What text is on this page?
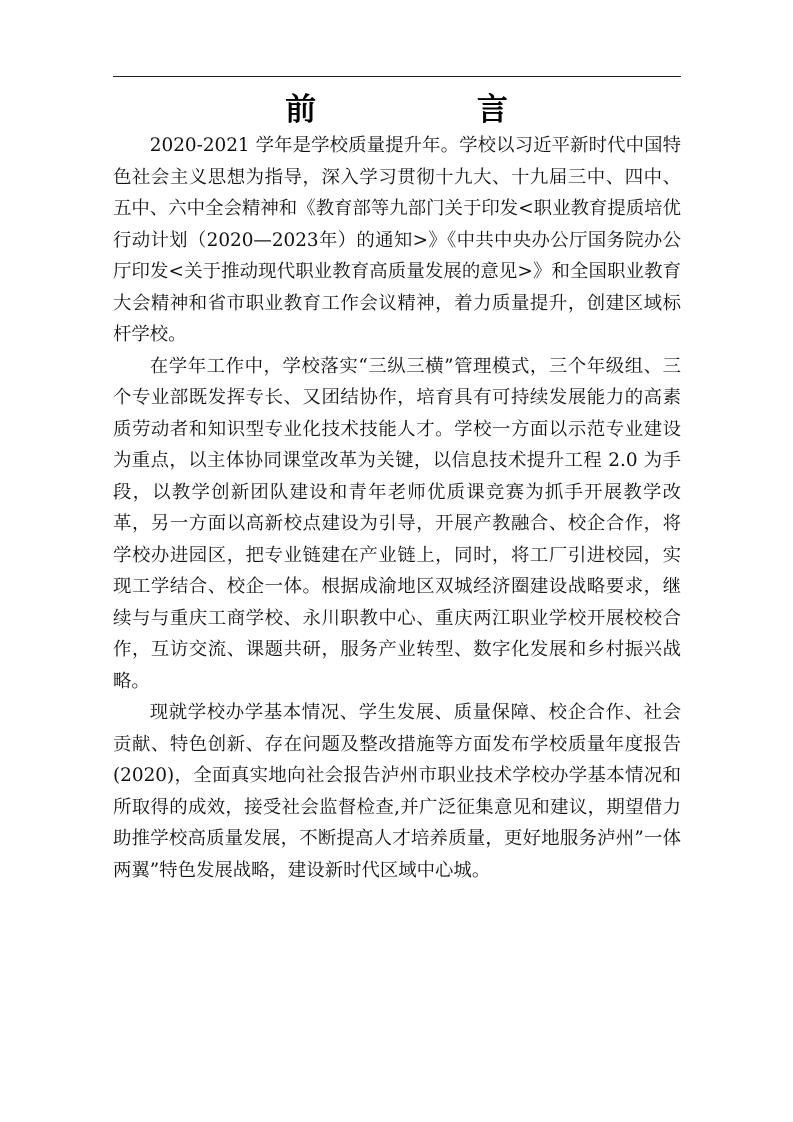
前 言

2020-2021 学年是学校质量提升年。学校以习近平新时代中国特色社会主义思想为指导，深入学习贯彻十九大、十九届三中、四中、五中、六中全会精神和《教育部等九部门关于印发<职业教育提质培优行动计划（2020—2023年）的通知>》《中共中央办公厅国务院办公厅印发<关于推动现代职业教育高质量发展的意见>》和全国职业教育大会精神和省市职业教育工作会议精神，着力质量提升，创建区域标杆学校。

在学年工作中，学校落实“三纵三横”管理模式，三个年级组、三个专业部既发挥专长、又团结协作，培育具有可持续发展能力的高素质劳动者和知识型专业化技术技能人才。学校一方面以示范专业建设为重点，以主体协同课堂改革为关键，以信息技术提升工程 2.0 为手段，以教学创新团队建设和青年老师优质课竞赛为抓手开展教学改革，另一方面以高新校点建设为引导，开展产教融合、校企合作，将学校办进园区，把专业链建在产业链上，同时，将工厂引进校园，实现工学结合、校企一体。根据成渝地区双城经济圈建设战略要求，继续与与重庆工商学校、永川职教中心、重庆两江职业学校开展校校合作，互访交流、课题共研，服务产业转型、数字化发展和乡村振兴战略。

现就学校办学基本情况、学生发展、质量保障、校企合作、社会贡献、特色创新、存在问题及整改措施等方面发布学校质量年度报告(2020)，全面真实地向社会报告泸州市职业技术学校办学基本情况和所取得的成效，接受社会监督检查,并广泛征集意见和建议，期望借力助推学校高质量发展，不断提高人才培养质量，更好地服务泸州”一体两翼”特色发展战略，建设新时代区域中心城。
